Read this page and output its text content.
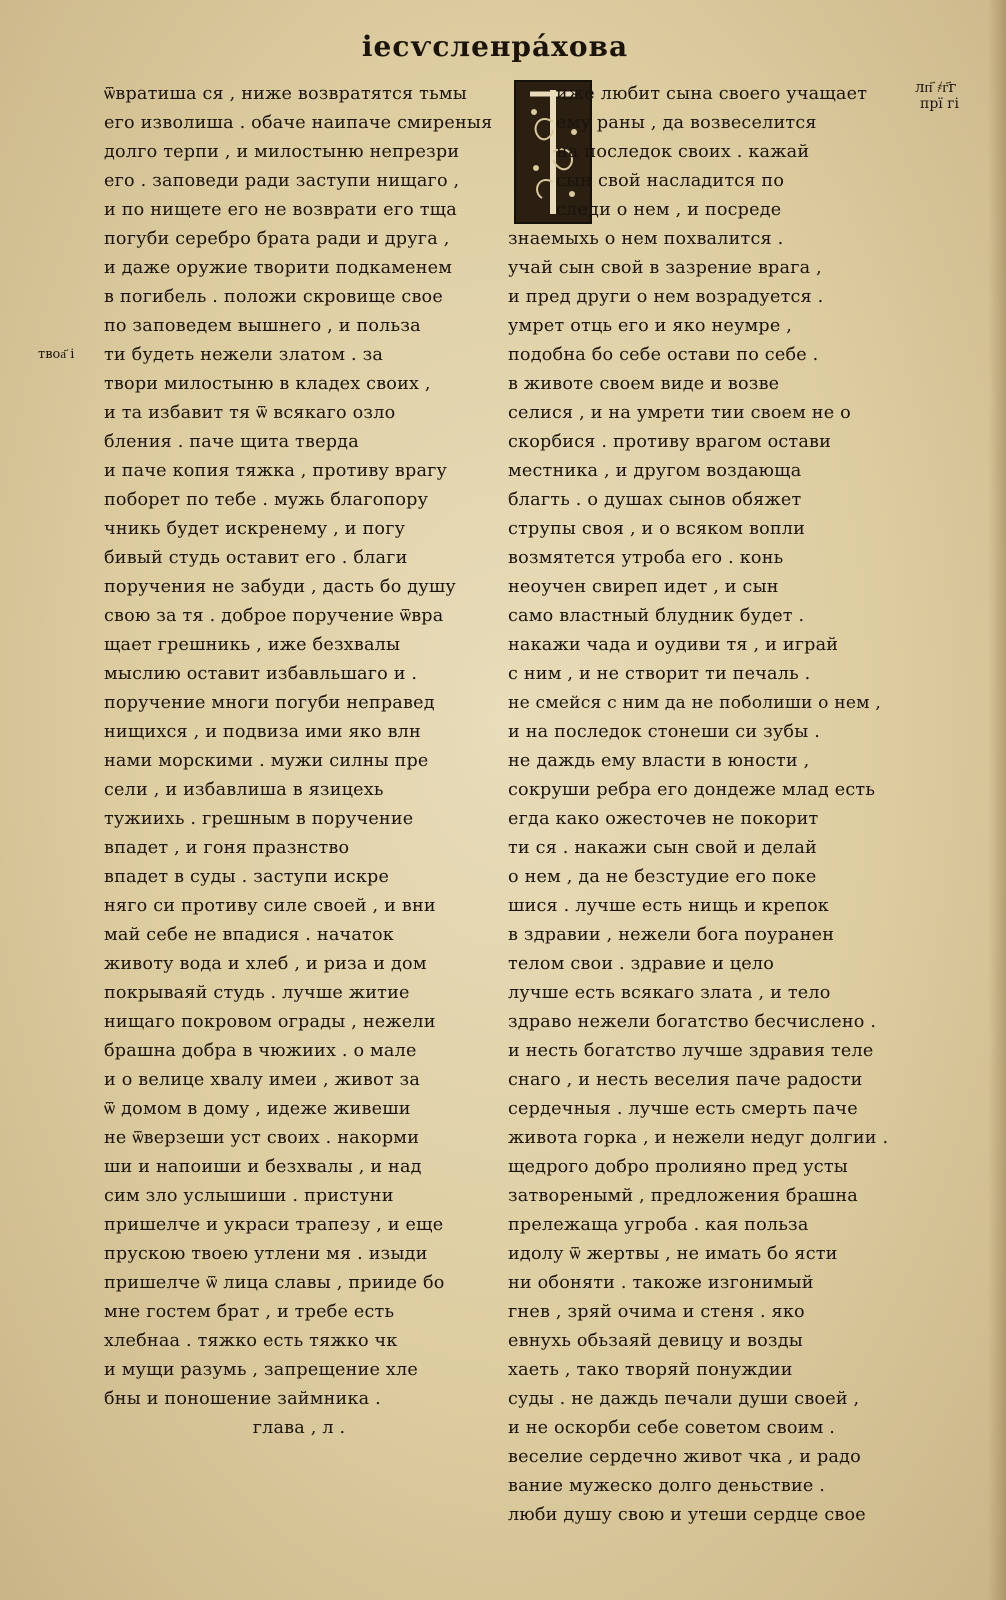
іесѵсленра́хова
лп҃ ҂г҃г
прї гі
твоа҃ і
ѿвратиша ся , ниже возвратятся тьмы
его изволиша . обаче наипаче смиреныя
долго терпи , и милостыню непрезри
его . заповеди ради заступи нищаго ,
и по нищете его не возврати его тща
погуби серебро брата ради и друга ,
и даже оружие творити подкаменем
в погибель . положи скровище свое
по заповедем вышнего , и польза
ти будеть нежели златом . за
твори милостыню в кладех своих ,
и та избавит тя ѿ всякаго озло
бления . паче щита тверда
и паче копия тяжка , противу врагу
поборет по тебе . мужь благопору
чникь будет искренему , и погу
бивый студь оставит его . благи
поручения не забуди , дасть бо душу
свою за тя . доброе поручение ѿвра
щает грешникь , иже безхвалы
мыслию оставит избавльшаго и .
поручение многи погуби неправед
нищихся , и подвиза ими яко влн
нами морскими . мужи силны пре
сели , и избавлиша в язицехь
тужиихь . грешным в поручение
впадет , и гоня празнство
впадет в суды . заступи искре
няго си противу силе своей , и вни
май себе не впадися . начаток
животу вода и хлеб , и риза и дом
покрываяй студь . лучше житие
нищаго покровом ограды , нежели
брашна добра в чюжиих . о мале
и о велице хвалу имеи , живот за
ѿ домом в дому , идеже живеши
не ѿверзеши уст своих . накорми
ши и напоиши и безхвалы , и над
сим зло услышиши . пристуни
пришелче и украси трапезу , и еще
прускою твоею утлени мя . изыди
пришелче ѿ лица славы , прииде бо
мне гостем брат , и требе есть
хлебнаа . тяжко есть тяжко чк
и мущи разумь , запрещение хле
бны и поношение займника .
глава , л .
иже любит сына своего учащает
ему раны , да возвеселится
на последок своих . кажай
сын свой насладится по
следи о нем , и посреде
знаемыхь о нем похвалится .
учай сын свой в зазрение врага ,
и пред други о нем возрадуется .
умрет отць его и яко неумре ,
подобна бо себе остави по себе .
в животе своем виде и возве
селися , и на умрети тии своем не о
скорбися . противу врагом остави
местника , и другом воздающа
благть . о душах сынов обяжет
струпы своя , и о всяком вопли
возмятется утроба его . конь
неоучен свиреп идет , и сын
само властный блудник будет .
накажи чада и оудиви тя , и играй
с ним , и не створит ти печаль .
не смейся с ним да не поболиши о нем ,
и на последок стонеши си зубы .
не даждь ему власти в юности ,
сокруши ребра его дондеже млад есть
егда како ожесточев не покорит
ти ся . накажи сын свой и делай
о нем , да не безстудие его поке
шися . лучше есть нищь и крепок
в здравии , нежели бога поуранен
телом свои . здравие и цело
лучше есть всякаго злата , и тело
здраво нежели богатство бесчислено .
и несть богатство лучше здравия теле
снаго , и несть веселия паче радости
сердечныя . лучше есть смерть паче
живота горка , и нежели недуг долгии .
щедрого добро пролияно пред усты
затворенымй , предложения брашна
прележаща угроба . кая польза
идолу ѿ жертвы , не имать бо ясти
ни обоняти . такоже изгонимый
гнев , зряй очима и стеня . яко
евнухь обьзаяй девицу и возды
хаеть , тако творяй понуждии
суды . не даждь печали души своей ,
и не оскорби себе советом своим .
веселие сердечно живот чка , и радо
вание мужеско долго деньствие .
люби душу свою и утеши сердце свое
